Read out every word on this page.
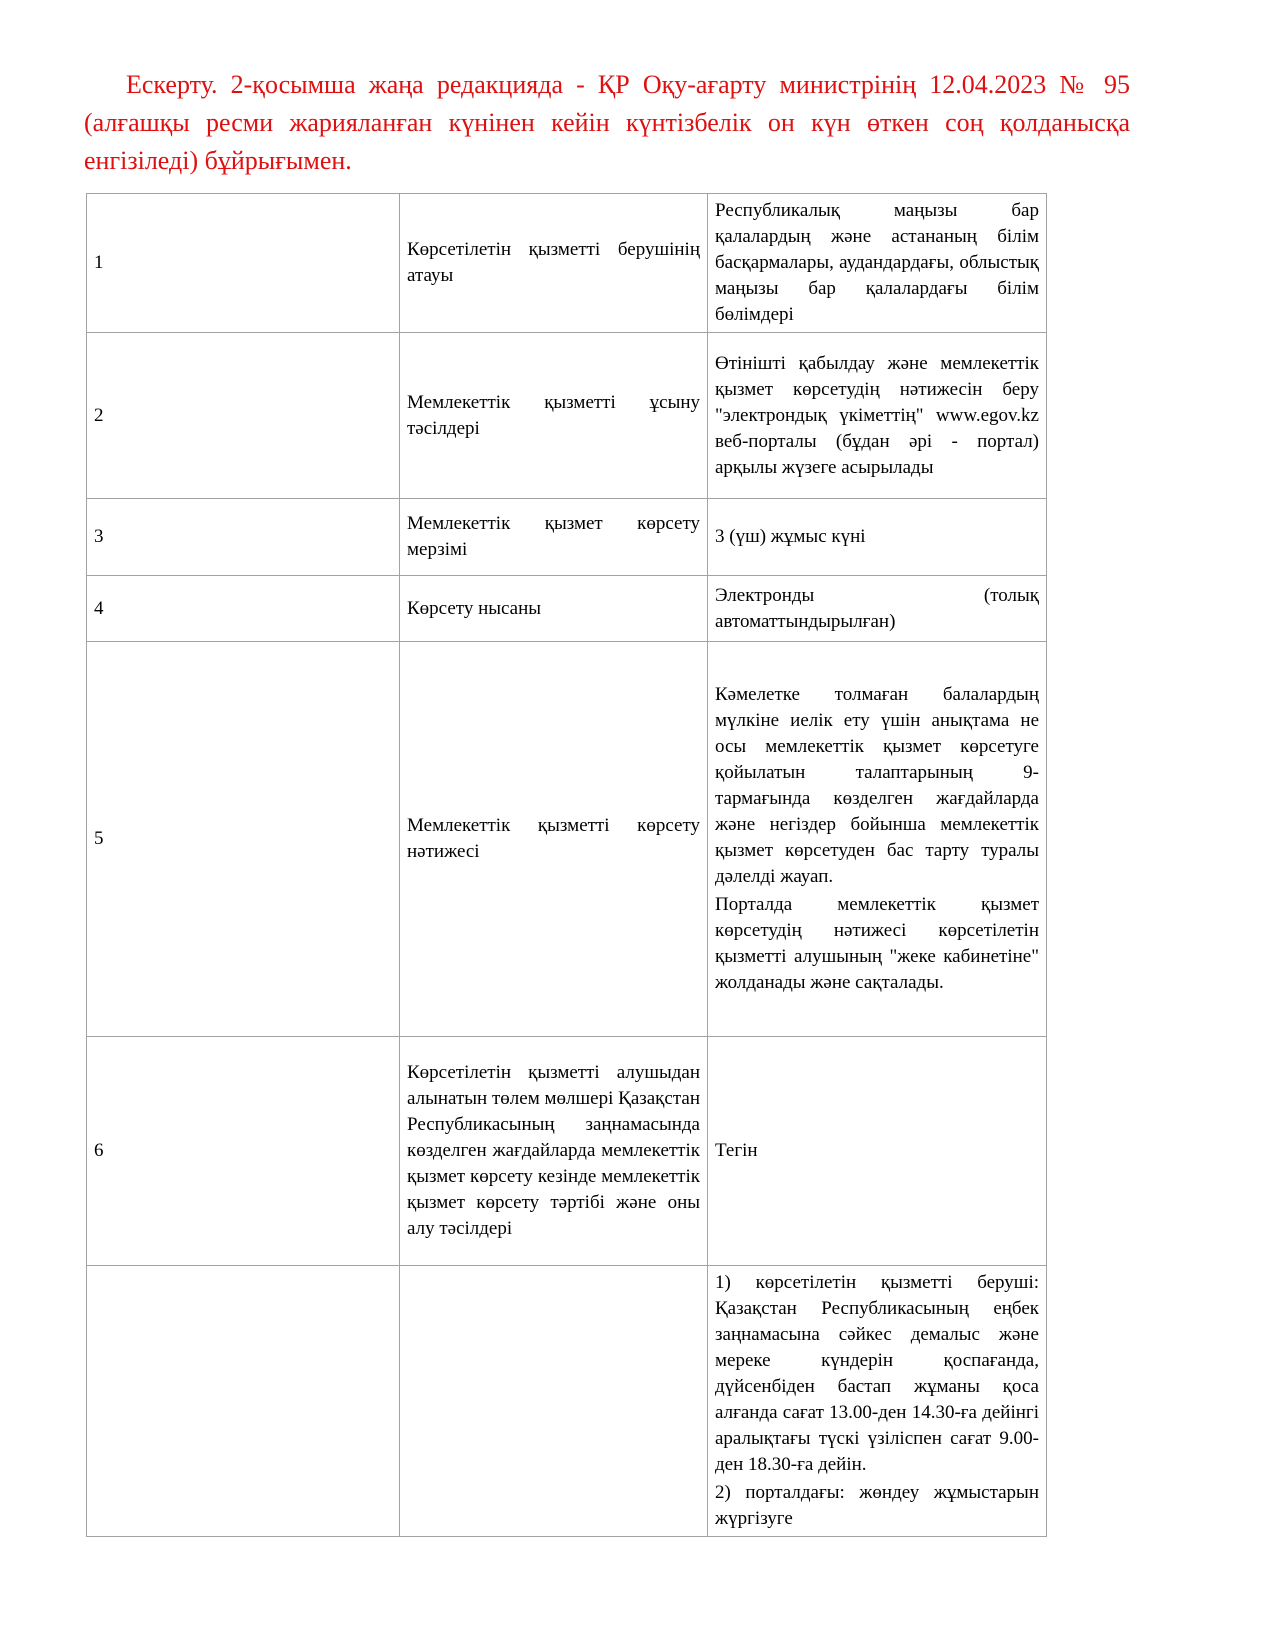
Ескерту. 2-қосымша жаңа редакцияда - ҚР Оқу-ағарту министрінің 12.04.2023 № 95 (алғашқы ресми жарияланған күнінен кейін күнтізбелік он күн өткен соң қолданысқа енгізіледі) бұйрығымен.

1	Көрсетілетін қызметті берушінің атауы	Республикалық маңызы бар қалалардың және астананың білім басқармалары, аудандардағы, облыстық маңызы бар қалалардағы білім бөлімдері

2	Мемлекеттік қызметті ұсыну тәсілдері	Өтінішті қабылдау және мемлекеттік қызмет көрсетудің нәтижесін беру "электрондық үкіметтің" www.egov.kz веб-порталы (бұдан әрі - портал) арқылы жүзеге асырылады

3	Мемлекеттік қызмет көрсету мерзімі	3 (үш) жұмыс күні

4	Көрсету нысаны	Электронды (толық автоматтындырылған)

5	Мемлекеттік қызметті көрсету нәтижесі	Кәмелетке толмаған балалардың мүлкіне иелік ету үшін анықтама не осы мемлекеттік қызмет көрсетуге қойылатын талаптарының 9-тармағында көзделген жағдайларда және негіздер бойынша мемлекеттік қызмет көрсетуден бас тарту туралы дәлелді жауап.

Порталда мемлекеттік қызмет көрсетудің нәтижесі көрсетілетін қызметті алушының "жеке кабинетіне" жолданады және сақталады.

6	Көрсетілетін қызметті алушыдан алынатын төлем мөлшері Қазақстан Республикасының заңнамасында көзделген жағдайларда мемлекеттік қызмет көрсету кезінде мемлекеттік қызмет көрсету тәртібі және оны алу тәсілдері	Тегін

		1) көрсетілетін қызметті беруші: Қазақстан Республикасының еңбек заңнамасына сәйкес демалыс және мереке күндерін қоспағанда, дүйсенбіден бастап жұманы қоса алғанда сағат 13.00-ден 14.30-ға дейінгі аралықтағы түскі үзіліспен сағат 9.00-ден 18.30-ға дейін.

2) порталдағы: жөндеу жұмыстарын жүргізуге
